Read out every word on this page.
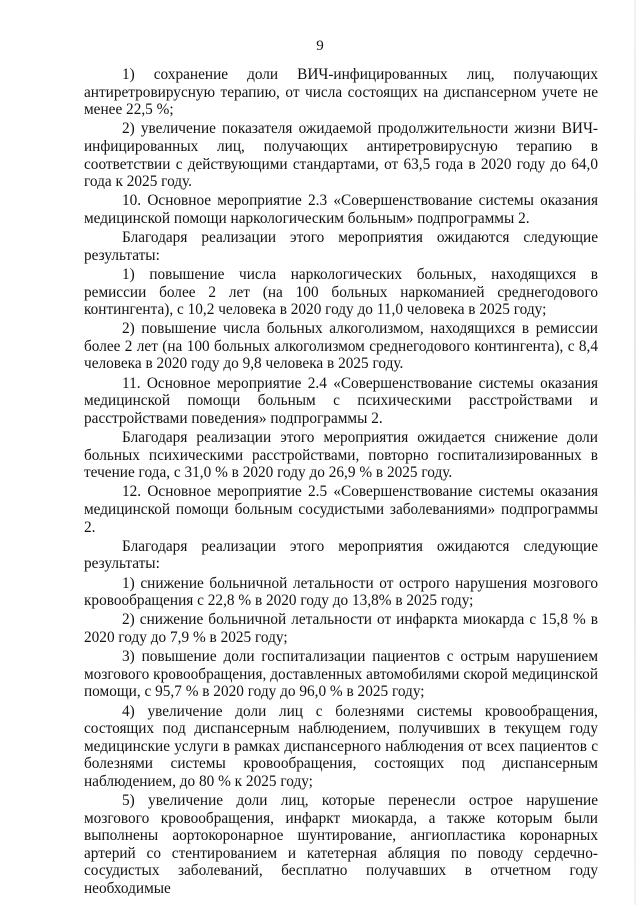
9

1) сохранение доли ВИЧ-инфицированных лиц, получающих антиретровирусную терапию, от числа состоящих на диспансерном учете не менее 22,5 %;

2) увеличение показателя ожидаемой продолжительности жизни ВИЧ-инфицированных лиц, получающих антиретровирусную терапию в соответствии с действующими стандартами, от 63,5 года в 2020 году до 64,0 года к 2025 году.

10. Основное мероприятие 2.3 «Совершенствование системы оказания медицинской помощи наркологическим больным» подпрограммы 2.

Благодаря реализации этого мероприятия ожидаются следующие результаты:

1) повышение числа наркологических больных, находящихся в ремиссии более 2 лет (на 100 больных наркоманией среднегодового контингента), с 10,2 человека в 2020 году до 11,0 человека в 2025 году;

2) повышение числа больных алкоголизмом, находящихся в ремиссии более 2 лет (на 100 больных алкоголизмом среднегодового контингента), с 8,4 человека в 2020 году до 9,8 человека в 2025 году.

11. Основное мероприятие 2.4 «Совершенствование системы оказания медицинской помощи больным с психическими расстройствами и расстройствами поведения» подпрограммы 2.

Благодаря реализации этого мероприятия ожидается снижение доли больных психическими расстройствами, повторно госпитализированных в течение года, с 31,0 % в 2020 году до 26,9 % в 2025 году.

12. Основное мероприятие 2.5 «Совершенствование системы оказания медицинской помощи больным сосудистыми заболеваниями» подпрограммы 2.

Благодаря реализации этого мероприятия ожидаются следующие результаты:

1) снижение больничной летальности от острого нарушения мозгового кровообращения с 22,8 % в 2020 году до 13,8% в 2025 году;

2) снижение больничной летальности от инфаркта миокарда с 15,8 % в 2020 году до 7,9 % в 2025 году;

3) повышение доли госпитализации пациентов с острым нарушением мозгового кровообращения, доставленных автомобилями скорой медицинской помощи, с 95,7 % в 2020 году до 96,0 % в 2025 году;

4) увеличение доли лиц с болезнями системы кровообращения, состоящих под диспансерным наблюдением, получивших в текущем году медицинские услуги в рамках диспансерного наблюдения от всех пациентов с болезнями системы кровообращения, состоящих под диспансерным наблюдением, до 80 % к 2025 году;

5) увеличение доли лиц, которые перенесли острое нарушение мозгового кровообращения, инфаркт миокарда, а также которым были выполнены аортокоронарное шунтирование, ангиопластика коронарных артерий со стентированием и катетерная абляция по поводу сердечно-сосудистых заболеваний, бесплатно получавших в отчетном году необходимые
